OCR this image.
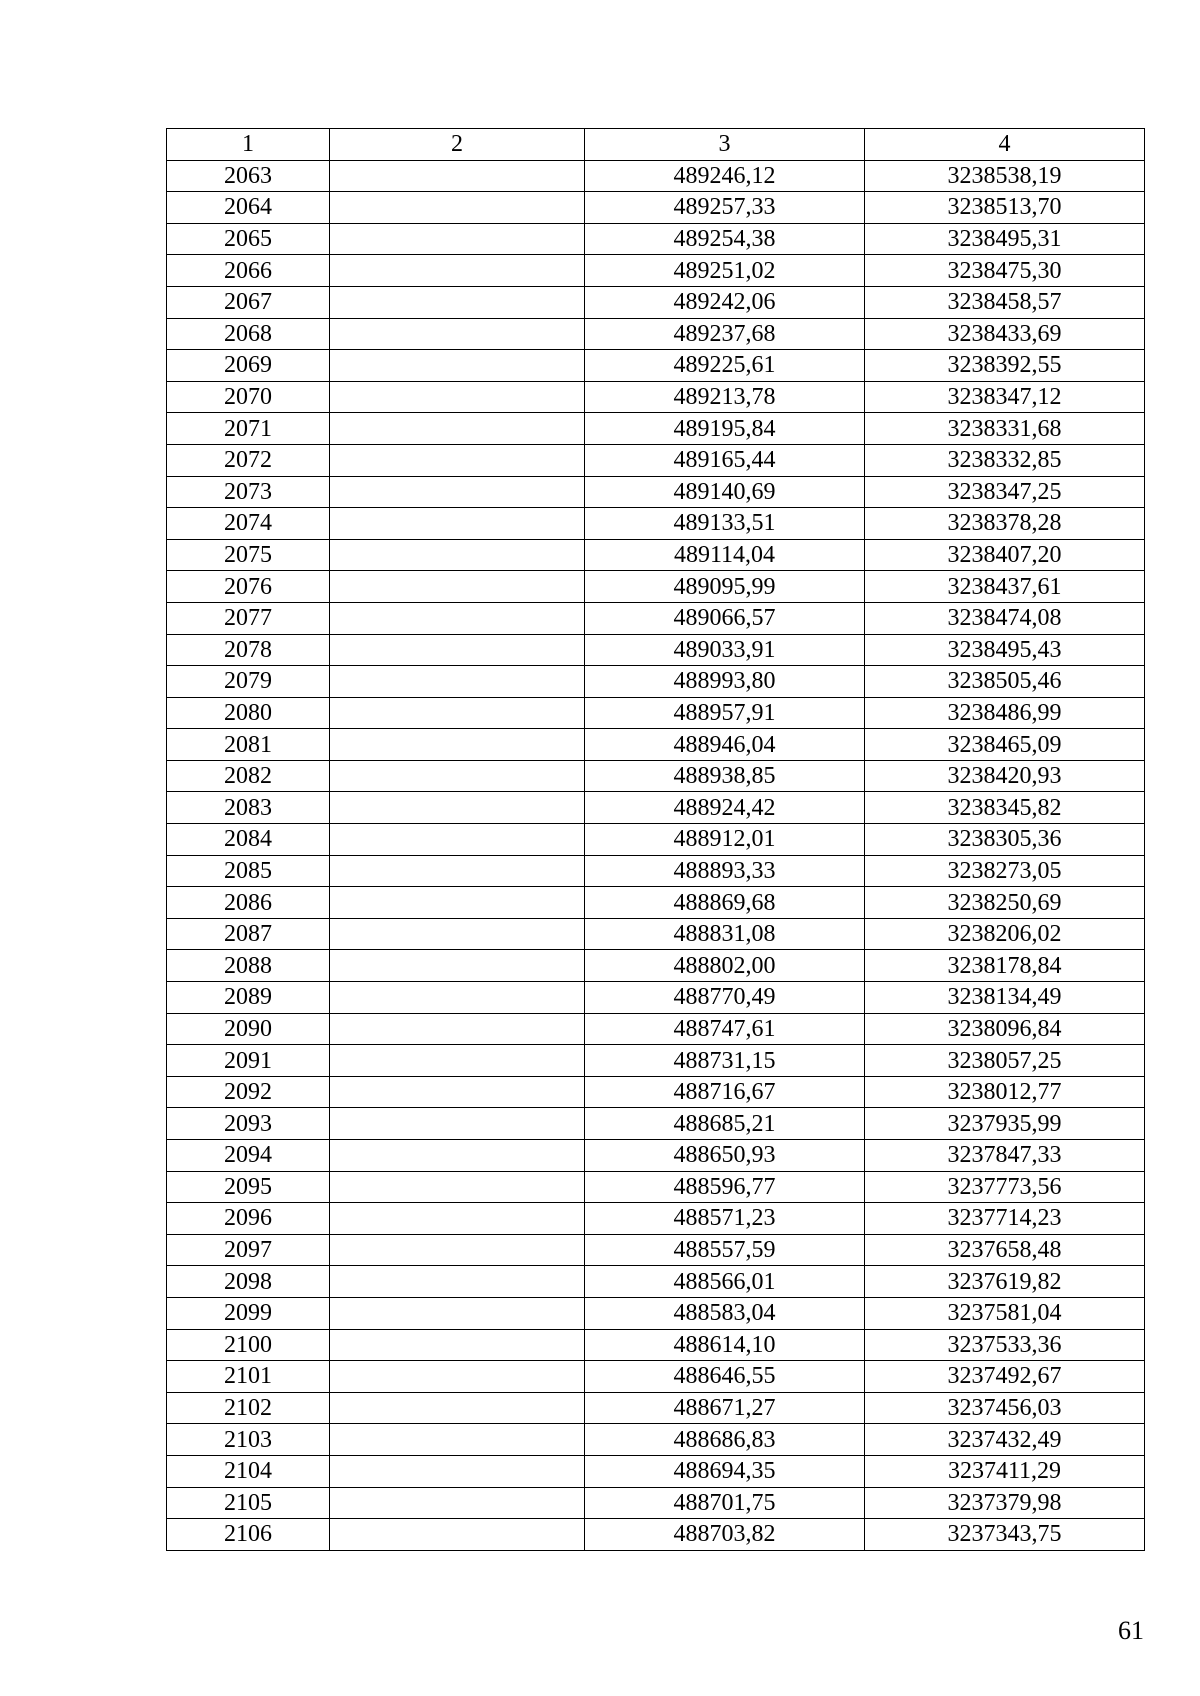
1	2	3	4
2063		489246,12	3238538,19
2064		489257,33	3238513,70
2065		489254,38	3238495,31
2066		489251,02	3238475,30
2067		489242,06	3238458,57
2068		489237,68	3238433,69
2069		489225,61	3238392,55
2070		489213,78	3238347,12
2071		489195,84	3238331,68
2072		489165,44	3238332,85
2073		489140,69	3238347,25
2074		489133,51	3238378,28
2075		489114,04	3238407,20
2076		489095,99	3238437,61
2077		489066,57	3238474,08
2078		489033,91	3238495,43
2079		488993,80	3238505,46
2080		488957,91	3238486,99
2081		488946,04	3238465,09
2082		488938,85	3238420,93
2083		488924,42	3238345,82
2084		488912,01	3238305,36
2085		488893,33	3238273,05
2086		488869,68	3238250,69
2087		488831,08	3238206,02
2088		488802,00	3238178,84
2089		488770,49	3238134,49
2090		488747,61	3238096,84
2091		488731,15	3238057,25
2092		488716,67	3238012,77
2093		488685,21	3237935,99
2094		488650,93	3237847,33
2095		488596,77	3237773,56
2096		488571,23	3237714,23
2097		488557,59	3237658,48
2098		488566,01	3237619,82
2099		488583,04	3237581,04
2100		488614,10	3237533,36
2101		488646,55	3237492,67
2102		488671,27	3237456,03
2103		488686,83	3237432,49
2104		488694,35	3237411,29
2105		488701,75	3237379,98
2106		488703,82	3237343,75
61
